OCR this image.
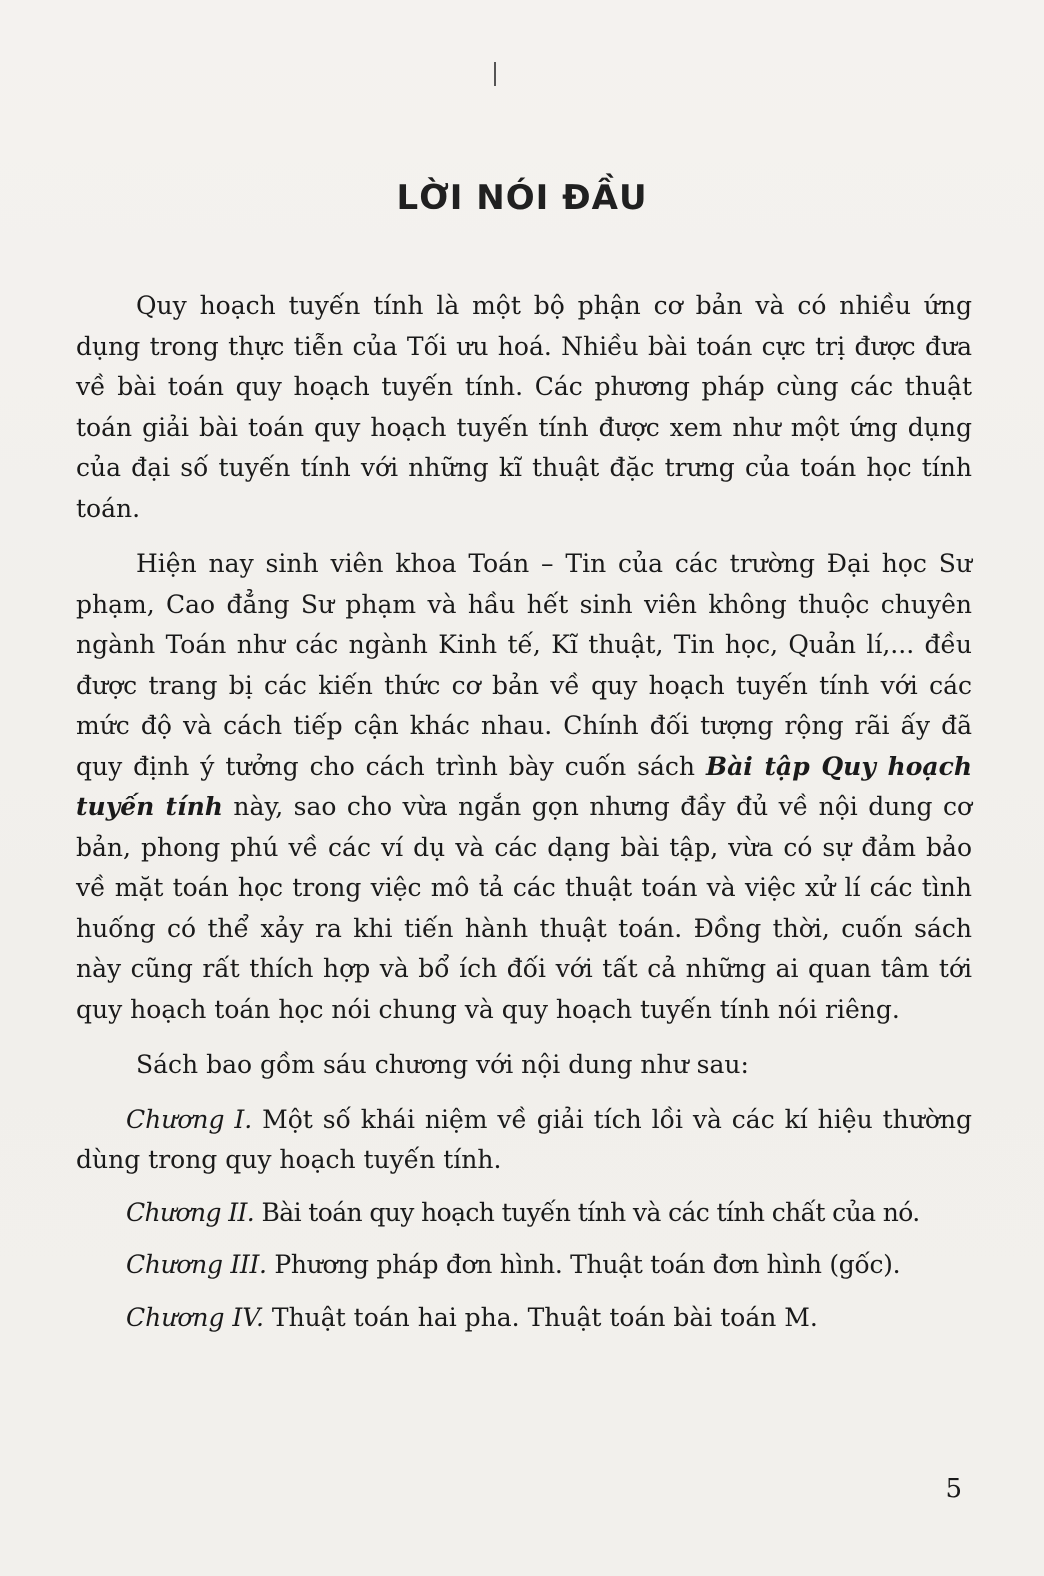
LỜI NÓI ĐẦU

Quy hoạch tuyến tính là một bộ phận cơ bản và có nhiều ứng dụng trong thực tiễn của Tối ưu hoá. Nhiều bài toán cực trị được đưa về bài toán quy hoạch tuyến tính. Các phương pháp cùng các thuật toán giải bài toán quy hoạch tuyến tính được xem như một ứng dụng của đại số tuyến tính với những kĩ thuật đặc trưng của toán học tính toán.

Hiện nay sinh viên khoa Toán – Tin của các trường Đại học Sư phạm, Cao đẳng Sư phạm và hầu hết sinh viên không thuộc chuyên ngành Toán như các ngành Kinh tế, Kĩ thuật, Tin học, Quản lí,... đều được trang bị các kiến thức cơ bản về quy hoạch tuyến tính với các mức độ và cách tiếp cận khác nhau. Chính đối tượng rộng rãi ấy đã quy định ý tưởng cho cách trình bày cuốn sách Bài tập Quy hoạch tuyến tính này, sao cho vừa ngắn gọn nhưng đầy đủ về nội dung cơ bản, phong phú về các ví dụ và các dạng bài tập, vừa có sự đảm bảo về mặt toán học trong việc mô tả các thuật toán và việc xử lí các tình huống có thể xảy ra khi tiến hành thuật toán. Đồng thời, cuốn sách này cũng rất thích hợp và bổ ích đối với tất cả những ai quan tâm tới quy hoạch toán học nói chung và quy hoạch tuyến tính nói riêng.

Sách bao gồm sáu chương với nội dung như sau:

Chương I. Một số khái niệm về giải tích lồi và các kí hiệu thường dùng trong quy hoạch tuyến tính.

Chương II. Bài toán quy hoạch tuyến tính và các tính chất của nó.

Chương III. Phương pháp đơn hình. Thuật toán đơn hình (gốc).

Chương IV. Thuật toán hai pha. Thuật toán bài toán M.

5
